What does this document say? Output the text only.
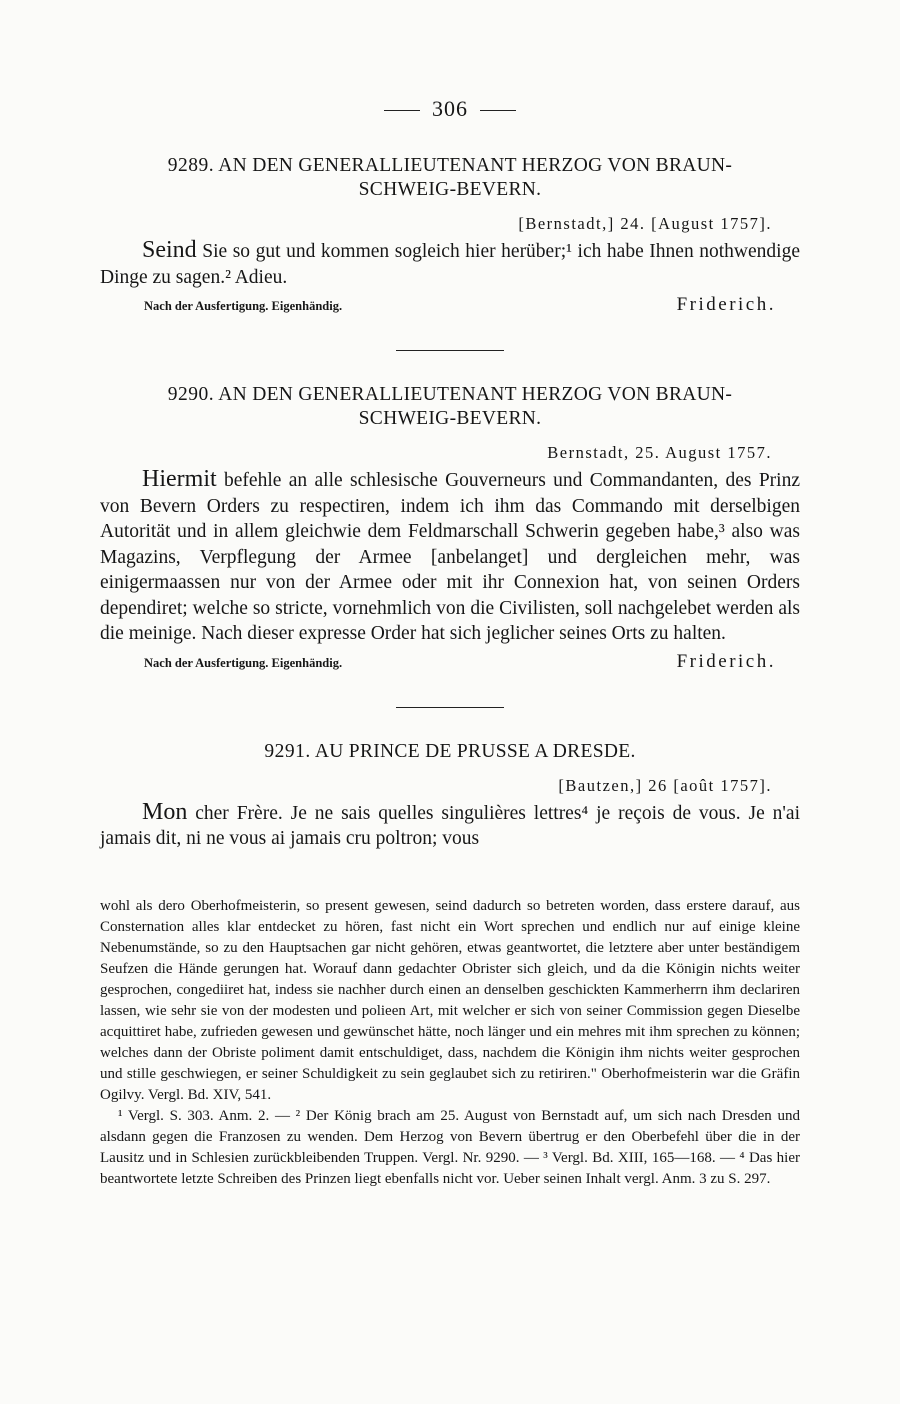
306
9289. AN DEN GENERALLIEUTENANT HERZOG VON BRAUN-
SCHWEIG-BEVERN.
[Bernstadt,] 24. [August 1757].

Seind Sie so gut und kommen sogleich hier herüber;¹ ich habe Ihnen nothwendige Dinge zu sagen.² Adieu.

Nach der Ausfertigung. Eigenhändig.	Friderich.
9290. AN DEN GENERALLIEUTENANT HERZOG VON BRAUN-
SCHWEIG-BEVERN.
Bernstadt, 25. August 1757.

Hiermit befehle an alle schlesische Gouverneurs und Commandanten, des Prinz von Bevern Orders zu respectiren, indem ich ihm das Commando mit derselbigen Autorität und in allem gleichwie dem Feldmarschall Schwerin gegeben habe,³ also was Magazins, Verpflegung der Armee [anbelanget] und dergleichen mehr, was einigermaassen nur von der Armee oder mit ihr Connexion hat, von seinen Orders dependiret; welche so stricte, vornehmlich von die Civilisten, soll nachgelebet werden als die meinige. Nach dieser expresse Order hat sich jeglicher seines Orts zu halten.

Nach der Ausfertigung. Eigenhändig.	Friderich.
9291. AU PRINCE DE PRUSSE A DRESDE.
[Bautzen,] 26 [août 1757].

Mon cher Frère. Je ne sais quelles singulières lettres⁴ je reçois de vous. Je n'ai jamais dit, ni ne vous ai jamais cru poltron; vous

wohl als dero Oberhofmeisterin, so present gewesen, seind dadurch so betreten worden, dass erstere darauf, aus Consternation alles klar entdecket zu hören, fast nicht ein Wort sprechen und endlich nur auf einige kleine Nebenumstände, so zu den Hauptsachen gar nicht gehören, etwas geantwortet, die letztere aber unter beständigem Seufzen die Hände gerungen hat. Worauf dann gedachter Obrister sich gleich, und da die Königin nichts weiter gesprochen, congediiret hat, indess sie nachher durch einen an denselben geschickten Kammerherrn ihm declariren lassen, wie sehr sie von der modesten und polieen Art, mit welcher er sich von seiner Commission gegen Dieselbe acquittiret habe, zufrieden gewesen und gewünschet hätte, noch länger und ein mehres mit ihm sprechen zu können; welches dann der Obriste poliment damit entschuldiget, dass, nachdem die Königin ihm nichts weiter gesprochen und stille geschwiegen, er seiner Schuldigkeit zu sein geglaubet sich zu retiriren." Oberhofmeisterin war die Gräfin Ogilvy. Vergl. Bd. XIV, 541.

¹ Vergl. S. 303. Anm. 2. — ² Der König brach am 25. August von Bernstadt auf, um sich nach Dresden und alsdann gegen die Franzosen zu wenden. Dem Herzog von Bevern übertrug er den Oberbefehl über die in der Lausitz und in Schlesien zurückbleibenden Truppen. Vergl. Nr. 9290. — ³ Vergl. Bd. XIII, 165—168. — ⁴ Das hier beantwortete letzte Schreiben des Prinzen liegt ebenfalls nicht vor. Ueber seinen Inhalt vergl. Anm. 3 zu S. 297.
